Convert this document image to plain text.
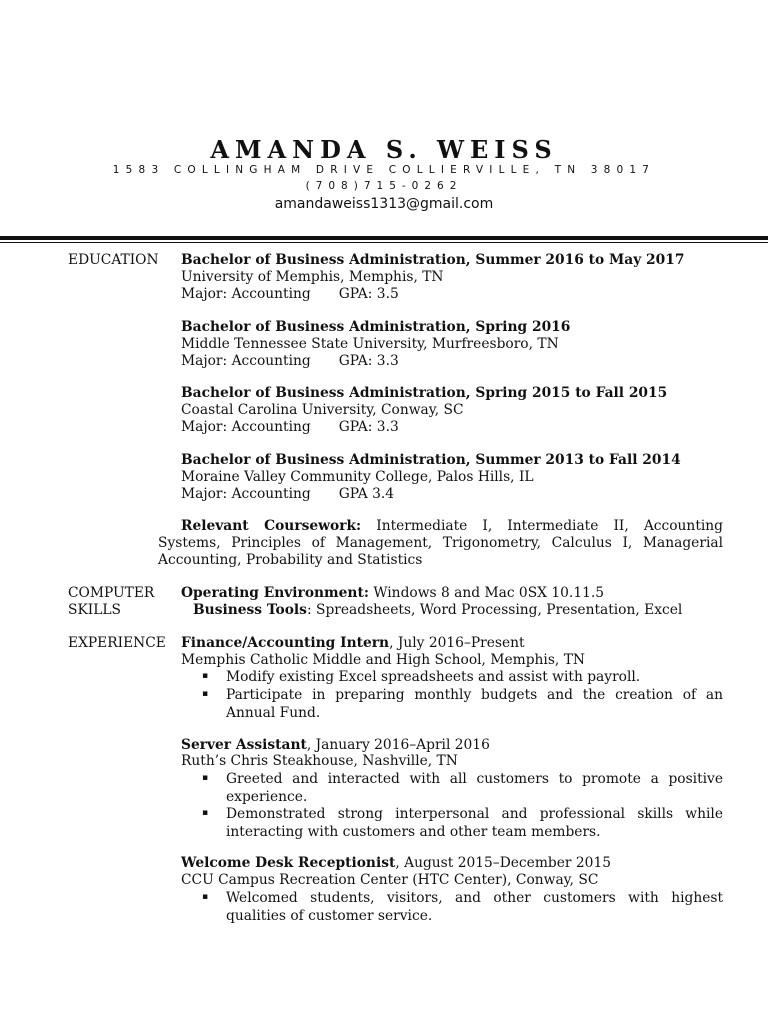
AMANDA S. WEISS
1583 COLLINGHAM DRIVE COLLIERVILLE, TN 38017
(708)715-0262
amandaweiss1313@gmail.com
EDUCATION Bachelor of Business Administration, Summer 2016 to May 2017
University of Memphis, Memphis, TN
Major: Accounting GPA: 3.5
Bachelor of Business Administration, Spring 2016
Middle Tennessee State University, Murfreesboro, TN
Major: Accounting GPA: 3.3
Bachelor of Business Administration, Spring 2015 to Fall 2015
Coastal Carolina University, Conway, SC
Major: Accounting GPA: 3.3
Bachelor of Business Administration, Summer 2013 to Fall 2014
Moraine Valley Community College, Palos Hills, IL
Major: Accounting GPA 3.4
Relevant Coursework: Intermediate I, Intermediate II, Accounting Systems, Principles of Management, Trigonometry, Calculus I, Managerial Accounting, Probability and Statistics
COMPUTER
SKILLS
Operating Environment: Windows 8 and Mac 0SX 10.11.5
Business Tools: Spreadsheets, Word Processing, Presentation, Excel
EXPERIENCE Finance/Accounting Intern, July 2016–Present
Memphis Catholic Middle and High School, Memphis, TN
▪ Modify existing Excel spreadsheets and assist with payroll.
▪ Participate in preparing monthly budgets and the creation of an Annual Fund.
Server Assistant, January 2016–April 2016
Ruth’s Chris Steakhouse, Nashville, TN
▪ Greeted and interacted with all customers to promote a positive experience.
▪ Demonstrated strong interpersonal and professional skills while interacting with customers and other team members.
Welcome Desk Receptionist, August 2015–December 2015
CCU Campus Recreation Center (HTC Center), Conway, SC
▪ Welcomed students, visitors, and other customers with highest qualities of customer service.
